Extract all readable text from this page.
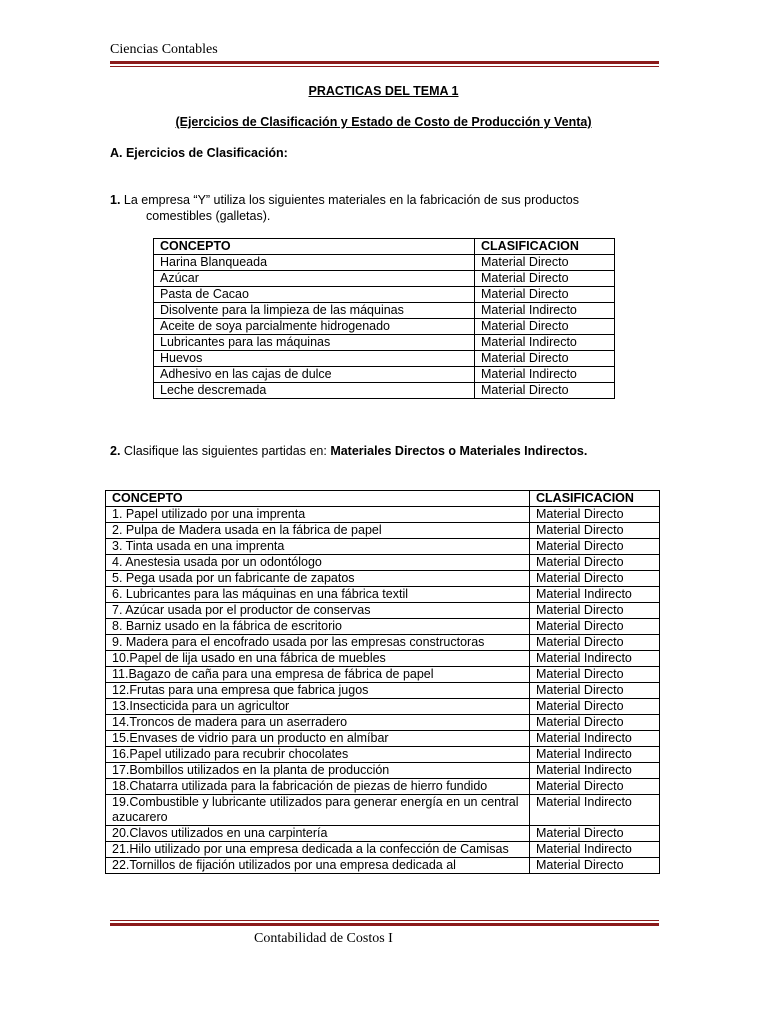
Ciencias Contables
PRACTICAS DEL TEMA 1
(Ejercicios de Clasificación y Estado de Costo de Producción y Venta)
A. Ejercicios de Clasificación:
1. La empresa “Y” utiliza los siguientes materiales en la fabricación de sus productos
comestibles (galletas).
CONCEPTO	CLASIFICACION
Harina Blanqueada	Material Directo
Azúcar	Material Directo
Pasta de Cacao	Material Directo
Disolvente para la limpieza de las máquinas	Material Indirecto
Aceite de soya parcialmente hidrogenado	Material Directo
Lubricantes para las máquinas	Material Indirecto
Huevos	Material Directo
Adhesivo en las cajas de dulce	Material Indirecto
Leche descremada	Material Directo
2. Clasifique las siguientes partidas en: Materiales Directos o Materiales Indirectos.
CONCEPTO	CLASIFICACION
1. Papel utilizado por una imprenta	Material Directo
2. Pulpa de Madera usada en la fábrica de papel	Material Directo
3. Tinta usada en una imprenta	Material Directo
4. Anestesia usada por un odontólogo	Material Directo
5. Pega usada por un fabricante de zapatos	Material Directo
6. Lubricantes para las máquinas en una fábrica textil	Material Indirecto
7. Azúcar usada por el productor de conservas	Material Directo
8. Barniz usado en la fábrica de escritorio	Material Directo
9. Madera para el encofrado usada por las empresas constructoras	Material Directo
10.Papel de lija usado en una fábrica de muebles	Material Indirecto
11.Bagazo de caña para una empresa de fábrica de papel	Material Directo
12.Frutas para una empresa que fabrica jugos	Material Directo
13.Insecticida para un agricultor	Material Directo
14.Troncos de madera para un aserradero	Material Directo
15.Envases de vidrio para un producto en almíbar	Material Indirecto
16.Papel utilizado para recubrir chocolates	Material Indirecto
17.Bombillos utilizados en la planta de producción	Material Indirecto
18.Chatarra utilizada para la fabricación de piezas de hierro fundido	Material Directo
19.Combustible y lubricante utilizados para generar energía en un central azucarero	Material Indirecto
20.Clavos utilizados en una carpintería	Material Directo
21.Hilo utilizado por una empresa dedicada a la confección de Camisas	Material Indirecto
22.Tornillos de fijación utilizados por una empresa dedicada al	Material Directo
Contabilidad de Costos I
